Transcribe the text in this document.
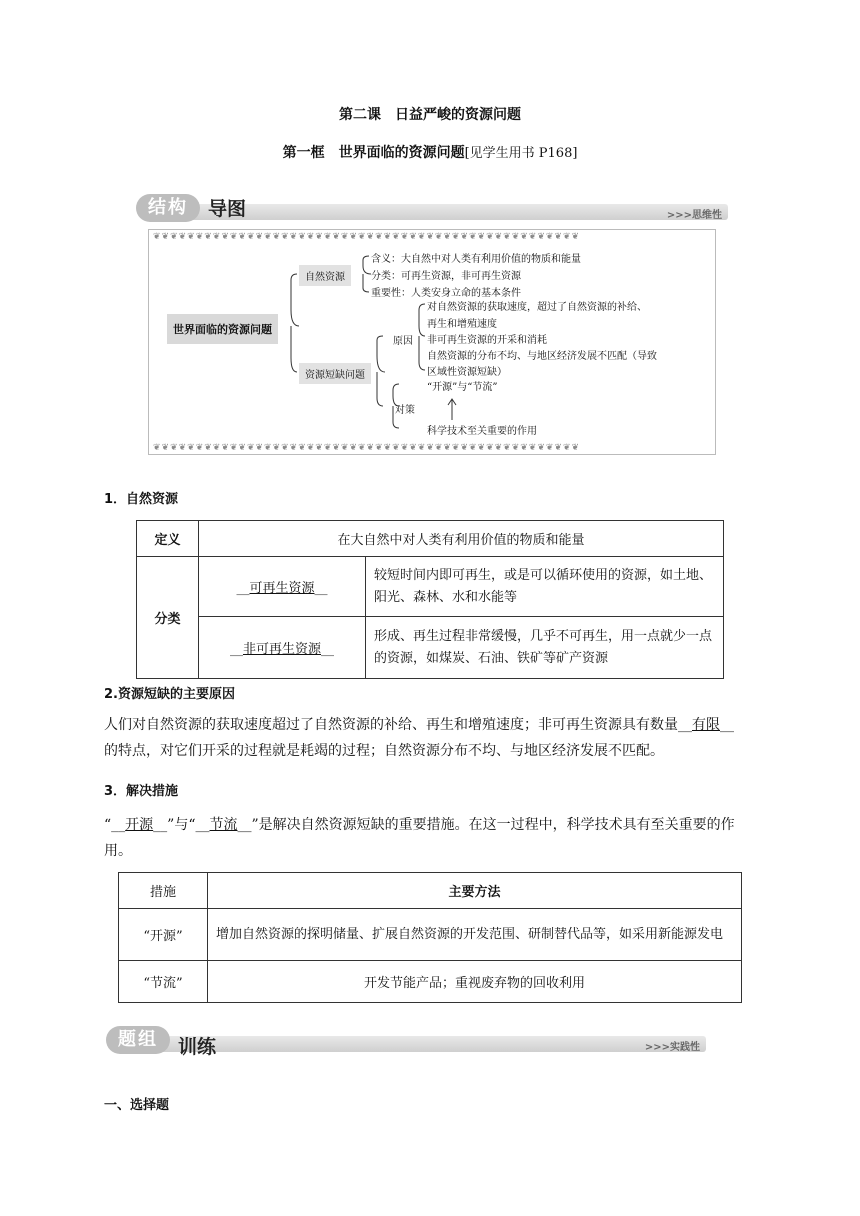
第二课　日益严峻的资源问题
第一框　世界面临的资源问题[见学生用书 P168]
结构	导图	>>>思维性
❦❦❦❦❦❦❦❦❦❦❦❦❦❦❦❦❦❦❦❦❦❦❦❦❦❦❦❦❦❦❦❦❦❦❦❦❦❦❦❦❦❦❦❦❦❦❦❦❦❦
❦❦❦❦❦❦❦❦❦❦❦❦❦❦❦❦❦❦❦❦❦❦❦❦❦❦❦❦❦❦❦❦❦❦❦❦❦❦❦❦❦❦❦❦❦❦❦❦❦❦
世界面临的资源问题
自然资源
资源短缺问题
含义：大自然中对人类有利用价值的物质和能量
分类：可再生资源，非可再生资源
重要性：人类安身立命的基本条件
原因
对自然资源的获取速度，超过了自然资源的补给、
再生和增殖速度
非可再生资源的开采和消耗
自然资源的分布不均、与地区经济发展不匹配（导致
区域性资源短缺）
对策
“开源”与“节流”
科学技术至关重要的作用
1．自然资源
定义	在大自然中对人类有利用价值的物质和能量	
分类	__可再生资源__	较短时间内即可再生，或是可以循环使用的资源，如土地、阳光、森林、水和水能等
	__非可再生资源__	形成、再生过程非常缓慢，几乎不可再生，用一点就少一点的资源，如煤炭、石油、铁矿等矿产资源
2.资源短缺的主要原因
人们对自然资源的获取速度超过了自然资源的补给、再生和增殖速度；非可再生资源具有数量__有限__的特点，对它们开采的过程就是耗竭的过程；自然资源分布不均、与地区经济发展不匹配。
3．解决措施
“__开源__”与“__节流__”是解决自然资源短缺的重要措施。在这一过程中，科学技术具有至关重要的作用。
措施	主要方法
“开源”	增加自然资源的探明储量、扩展自然资源的开发范围、研制替代品等，如采用新能源发电
“节流”	开发节能产品；重视废弃物的回收利用
题组	训练	>>>实践性
一、选择题
